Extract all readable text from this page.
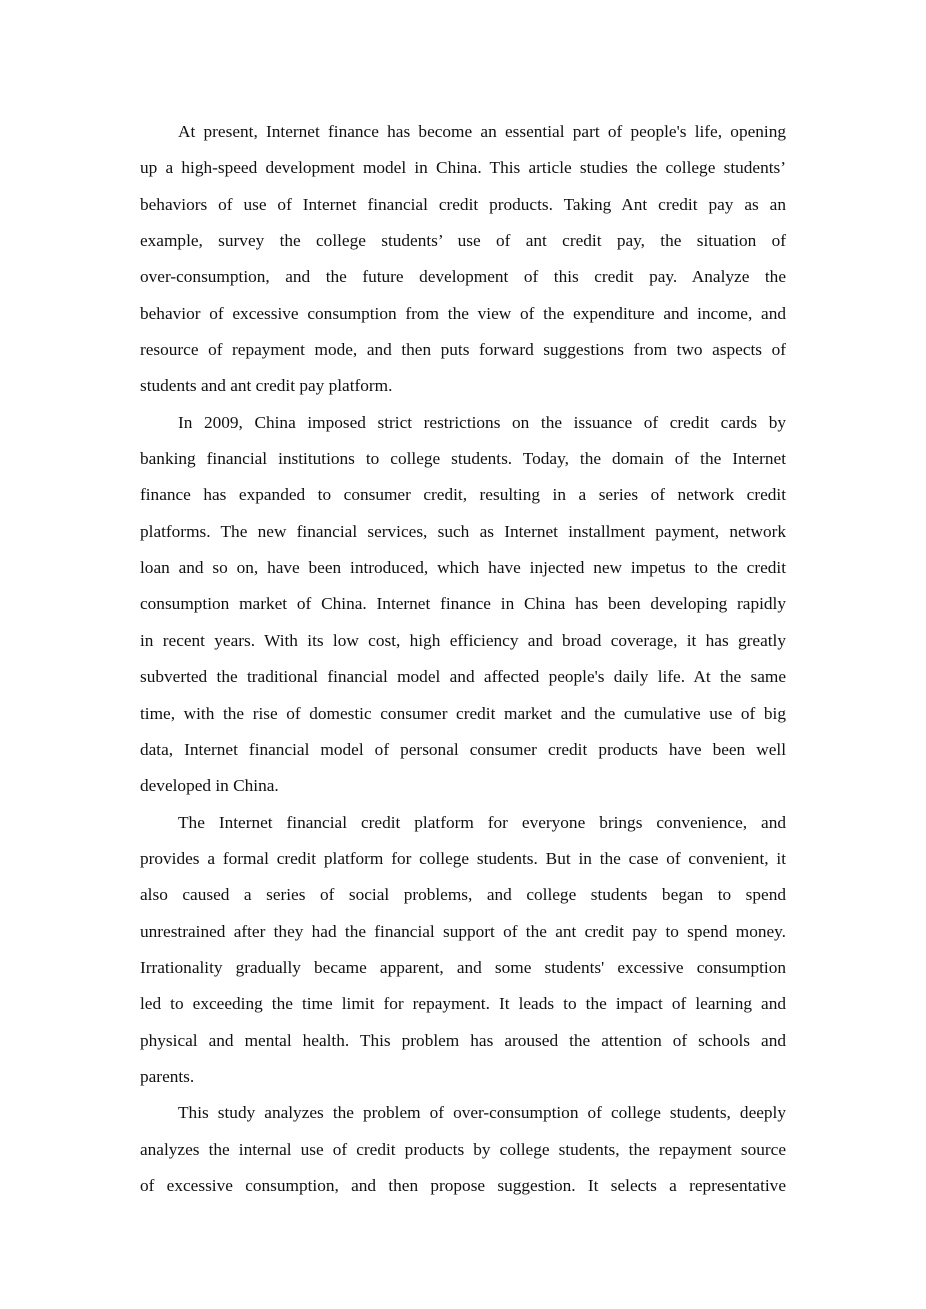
At present, Internet finance has become an essential part of people's life, opening
up a high-speed development model in China. This article studies the college students’
behaviors of use of Internet financial credit products. Taking Ant credit pay as an
example, survey the college students’ use of ant credit pay, the situation of
over-consumption, and the future development of this credit pay. Analyze the
behavior of excessive consumption from the view of the expenditure and income, and
resource of repayment mode, and then puts forward suggestions from two aspects of
students and ant credit pay platform.
In 2009, China imposed strict restrictions on the issuance of credit cards by
banking financial institutions to college students. Today, the domain of the Internet
finance has expanded to consumer credit, resulting in a series of network credit
platforms. The new financial services, such as Internet installment payment, network
loan and so on, have been introduced, which have injected new impetus to the credit
consumption market of China. Internet finance in China has been developing rapidly
in recent years. With its low cost, high efficiency and broad coverage, it has greatly
subverted the traditional financial model and affected people's daily life. At the same
time, with the rise of domestic consumer credit market and the cumulative use of big
data, Internet financial model of personal consumer credit products have been well
developed in China.
The Internet financial credit platform for everyone brings convenience, and
provides a formal credit platform for college students. But in the case of convenient, it
also caused a series of social problems, and college students began to spend
unrestrained after they had the financial support of the ant credit pay to spend money.
Irrationality gradually became apparent, and some students' excessive consumption
led to exceeding the time limit for repayment. It leads to the impact of learning and
physical and mental health. This problem has aroused the attention of schools and
parents.
This study analyzes the problem of over-consumption of college students, deeply
analyzes the internal use of credit products by college students, the repayment source
of excessive consumption, and then propose suggestion. It selects a representative
